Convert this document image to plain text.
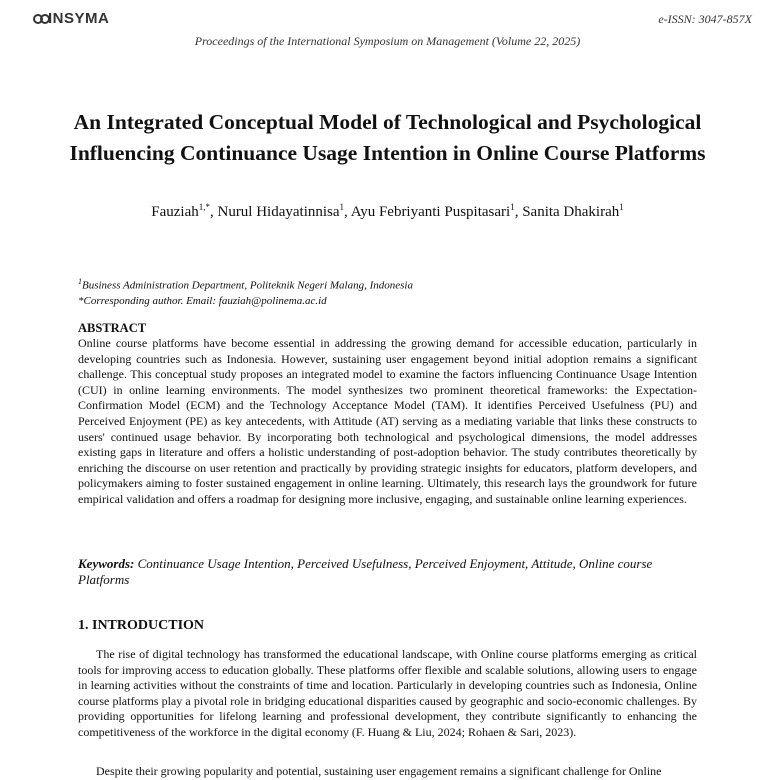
INSYMA	e-ISSN: 3047-857X
Proceedings of the International Symposium on Management (Volume 22, 2025)
An Integrated Conceptual Model of Technological and Psychological Influencing Continuance Usage Intention in Online Course Platforms
Fauziah$^{1,*}$, Nurul Hidayatinnisa$^1$, Ayu Febriyanti Puspitasari$^1$, Sanita Dhakirah$^1$
$^1$Business Administration Department, Politeknik Negeri Malang, Indonesia
*Corresponding author. Email: fauziah@polinema.ac.id
ABSTRACT

Online course platforms have become essential in addressing the growing demand for accessible education, particularly in developing countries such as Indonesia. However, sustaining user engagement beyond initial adoption remains a significant challenge. This conceptual study proposes an integrated model to examine the factors influencing Continuance Usage Intention (CUI) in online learning environments. The model synthesizes two prominent theoretical frameworks: the Expectation-Confirmation Model (ECM) and the Technology Acceptance Model (TAM). It identifies Perceived Usefulness (PU) and Perceived Enjoyment (PE) as key antecedents, with Attitude (AT) serving as a mediating variable that links these constructs to users' continued usage behavior. By incorporating both technological and psychological dimensions, the model addresses existing gaps in literature and offers a holistic understanding of post-adoption behavior. The study contributes theoretically by enriching the discourse on user retention and practically by providing strategic insights for educators, platform developers, and policymakers aiming to foster sustained engagement in online learning. Ultimately, this research lays the groundwork for future empirical validation and offers a roadmap for designing more inclusive, engaging, and sustainable online learning experiences.

Keywords: Continuance Usage Intention, Perceived Usefulness, Perceived Enjoyment, Attitude, Online course Platforms

1. INTRODUCTION

The rise of digital technology has transformed the educational landscape, with Online course platforms emerging as critical tools for improving access to education globally. These platforms offer flexible and scalable solutions, allowing users to engage in learning activities without the constraints of time and location. Particularly in developing countries such as Indonesia, Online course platforms play a pivotal role in bridging educational disparities caused by geographic and socio-economic challenges. By providing opportunities for lifelong learning and professional development, they contribute significantly to enhancing the competitiveness of the workforce in the digital economy (F. Huang & Liu, 2024; Rohaen & Sari, 2023).

Despite their growing popularity and potential, sustaining user engagement remains a significant challenge for Online
